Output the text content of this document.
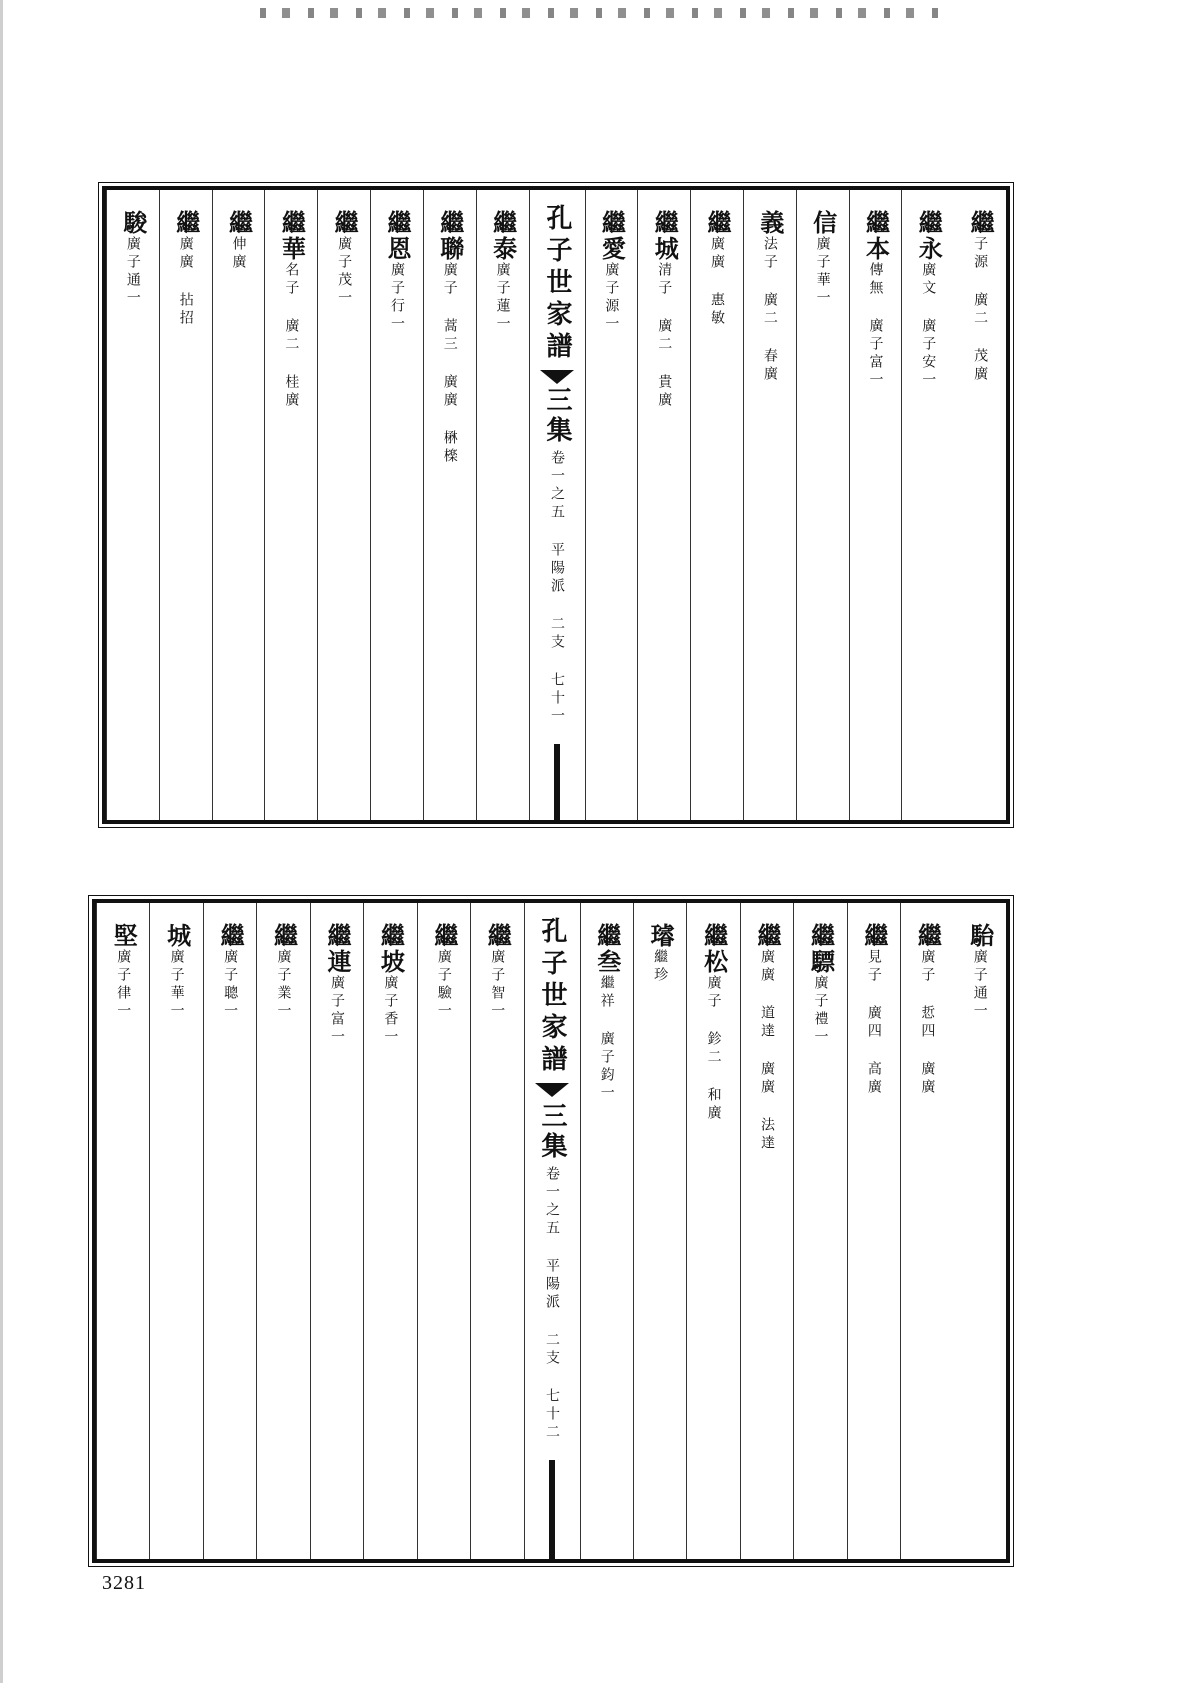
繼
子源 廣二 茂廣
繼永
廣文 廣子安一
繼本
傳無 廣子富一
信
廣子華一
義
法子 廣二 春廣
繼
廣廣 惠敏
繼城
清子 廣二 貴廣
繼愛
廣子源一
孔子世家譜
三集
卷一之五 平陽派 二支 七十一
繼泰
廣子蓮一
繼聯
廣子 蒿三 廣廣 楙檪
繼恩
廣子行一
繼
廣子茂一
繼華
名子 廣二 桂廣
繼
伸廣
繼
廣廣 拈招
駿
廣子通一
駘
廣子通一
繼
廣子 悊四 廣廣
繼
見子 廣四 高廣
繼驃
廣子禮一
繼
廣廣 道達 廣廣 法達
繼松
廣子 鉁二 和廣
璿
繼珍
繼叁
繼祥 廣子鈞一
孔子世家譜
三集
卷一之五 平陽派 二支 七十二
繼
廣子智一
繼
廣子驗一
繼坡
廣子香一
繼連
廣子富一
繼
廣子業一
繼
廣子聰一
城
廣子華一
堅
廣子律一
3281
